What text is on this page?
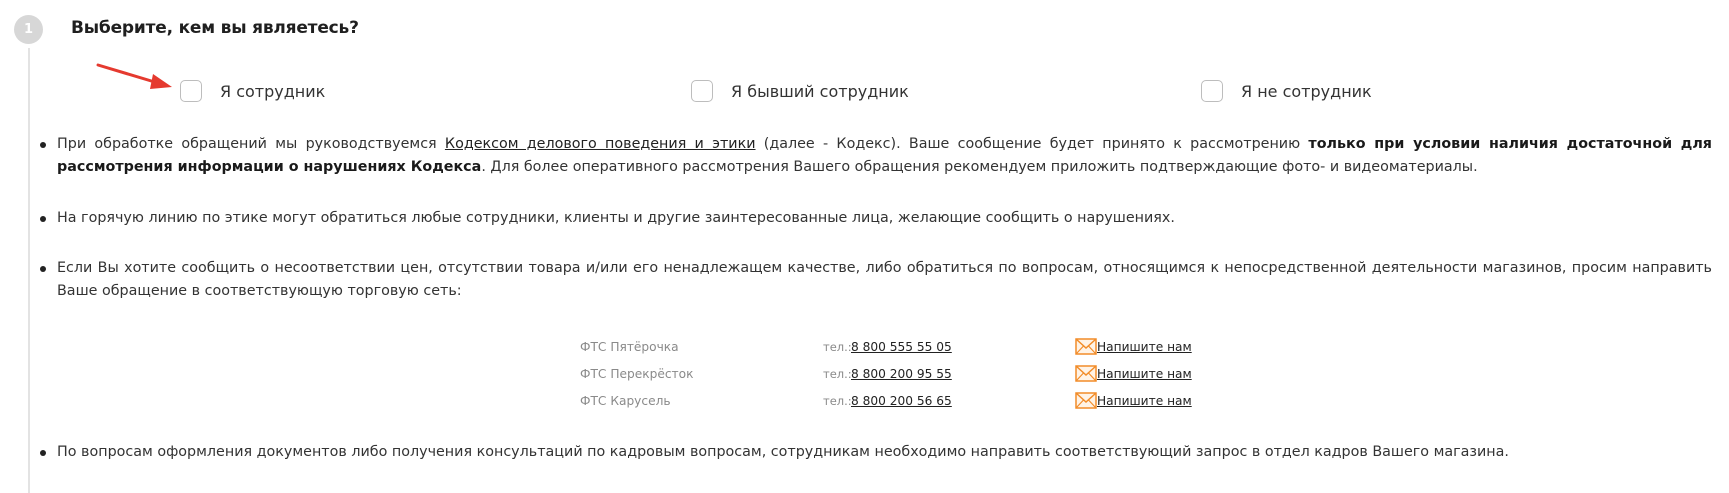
1	Выберите, кем вы являетесь?
Я сотрудник	Я бывший сотрудник	Я не сотрудник
При обработке обращений мы руководствуемся Кодексом делового поведения и этики (далее - Кодекс). Ваше сообщение будет принято к рассмотрению только при условии наличия достаточной для рассмотрения информации о нарушениях Кодекса. Для более оперативного рассмотрения Вашего обращения рекомендуем приложить подтверждающие фото- и видеоматериалы.
На горячую линию по этике могут обратиться любые сотрудники, клиенты и другие заинтересованные лица, желающие сообщить о нарушениях.
Если Вы хотите сообщить о несоответствии цен, отсутствии товара и/или его ненадлежащем качестве, либо обратиться по вопросам, относящимся к непосредственной деятельности магазинов, просим направить Ваше обращение в соответствующую торговую сеть:
ФТС Пятёрочка	тел.: 8 800 555 55 05	Напишите нам
ФТС Перекрёсток	тел.: 8 800 200 95 55	Напишите нам
ФТС Карусель	тел.: 8 800 200 56 65	Напишите нам
По вопросам оформления документов либо получения консультаций по кадровым вопросам, сотрудникам необходимо направить соответствующий запрос в отдел кадров Вашего магазина.
